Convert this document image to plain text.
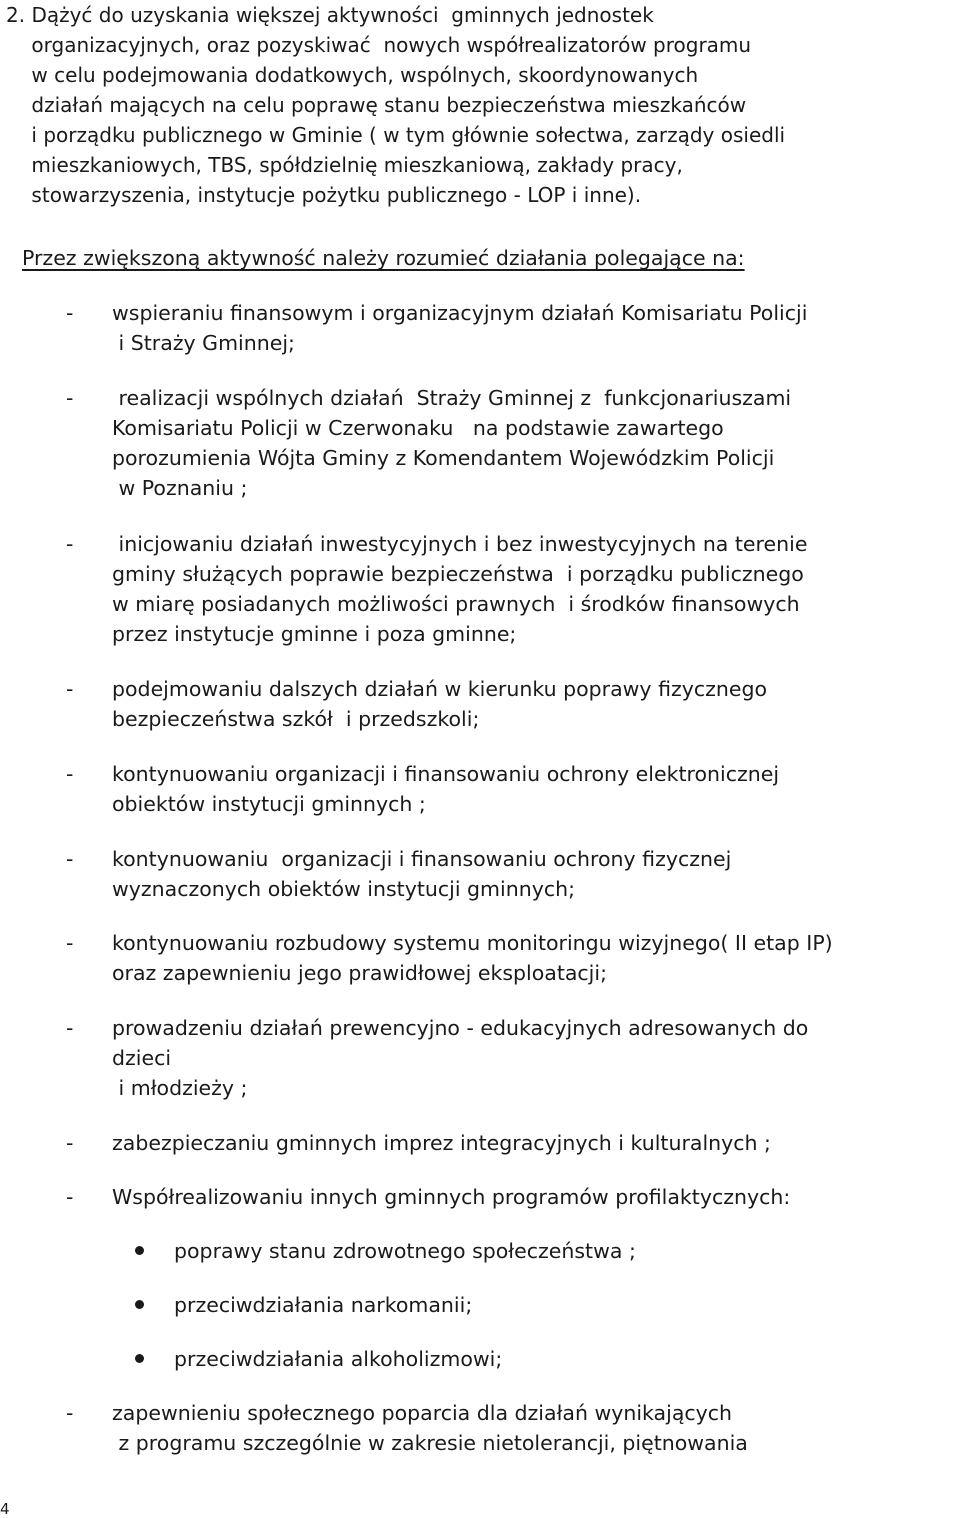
2. Dążyć do uzyskania większej aktywności  gminnych jednostek
organizacyjnych, oraz pozyskiwać  nowych współrealizatorów programu
w celu podejmowania dodatkowych, wspólnych, skoordynowanych
działań mających na celu poprawę stanu bezpieczeństwa mieszkańców
i porządku publicznego w Gminie ( w tym głównie sołectwa, zarządy osiedli
mieszkaniowych, TBS, spółdzielnię mieszkaniową, zakłady pracy,
stowarzyszenia, instytucje pożytku publicznego - LOP i inne).
Przez zwiększoną aktywność należy rozumieć działania polegające na:
- wspieraniu finansowym i organizacyjnym działań Komisariatu Policji
i Straży Gminnej;
- realizacji wspólnych działań  Straży Gminnej z  funkcjonariuszami
Komisariatu Policji w Czerwonaku   na podstawie zawartego
porozumienia Wójta Gminy z Komendantem Wojewódzkim Policji
w Poznaniu ;
- inicjowaniu działań inwestycyjnych i bez inwestycyjnych na terenie
gminy służących poprawie bezpieczeństwa  i porządku publicznego
w miarę posiadanych możliwości prawnych  i środków finansowych
przez instytucje gminne i poza gminne;
- podejmowaniu dalszych działań w kierunku poprawy fizycznego
bezpieczeństwa szkół  i przedszkoli;
- kontynuowaniu organizacji i finansowaniu ochrony elektronicznej
obiektów instytucji gminnych ;
- kontynuowaniu  organizacji i finansowaniu ochrony fizycznej
wyznaczonych obiektów instytucji gminnych;
- kontynuowaniu rozbudowy systemu monitoringu wizyjnego( II etap IP)
oraz zapewnieniu jego prawidłowej eksploatacji;
- prowadzeniu działań prewencyjno - edukacyjnych adresowanych do
dzieci
i młodzieży ;
- zabezpieczaniu gminnych imprez integracyjnych i kulturalnych ;
- Współrealizowaniu innych gminnych programów profilaktycznych:
poprawy stanu zdrowotnego społeczeństwa ;
przeciwdziałania narkomanii;
przeciwdziałania alkoholizmowi;
- zapewnieniu społecznego poparcia dla działań wynikających
z programu szczególnie w zakresie nietolerancji, piętnowania
4
